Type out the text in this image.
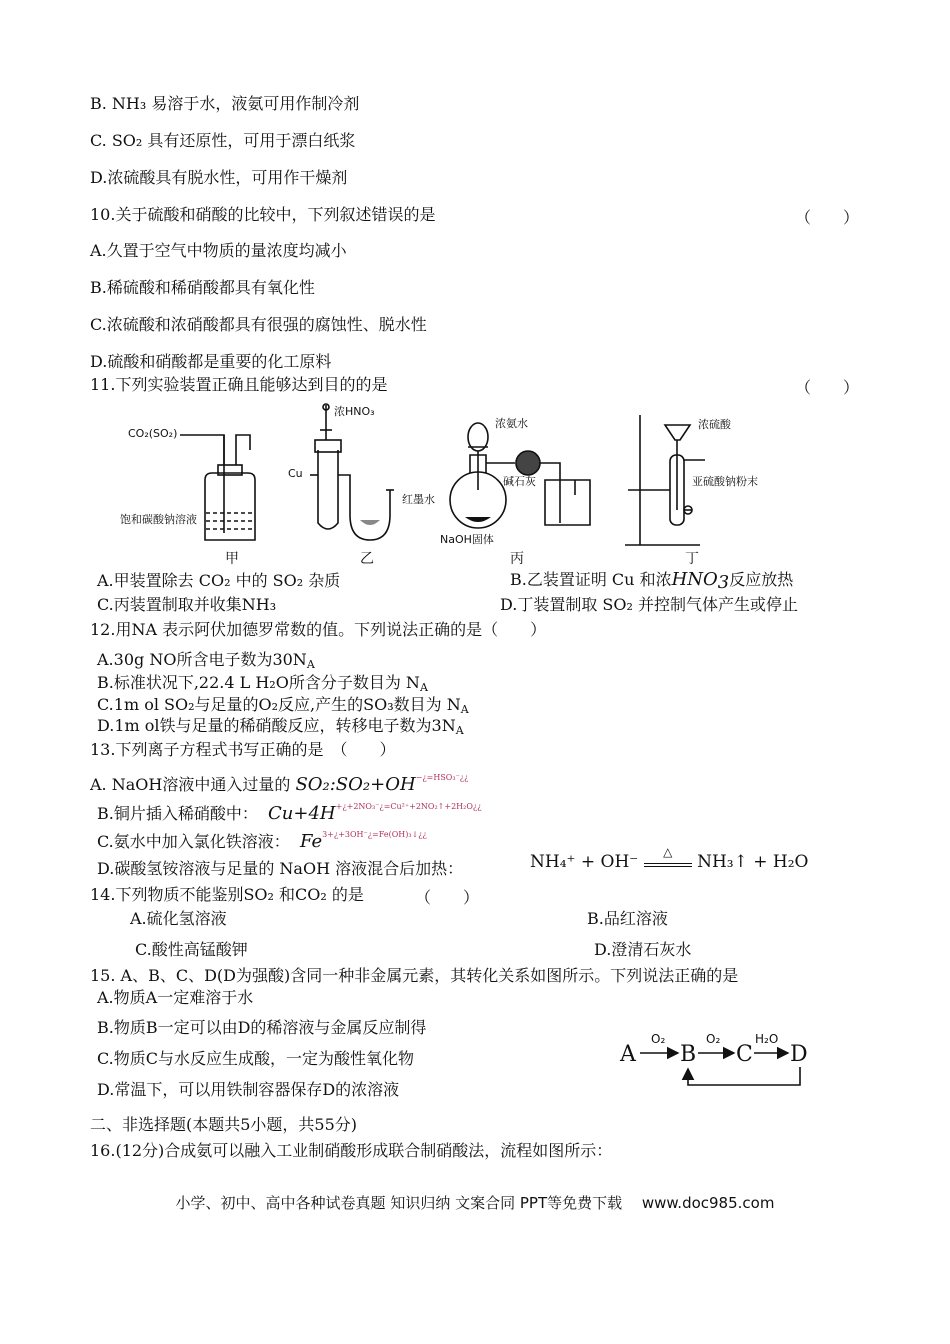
B. NH₃ 易溶于水，液氨可用作制冷剂
C. SO₂ 具有还原性，可用于漂白纸浆
D.浓硫酸具有脱水性，可用作干燥剂
10.关于硫酸和硝酸的比较中，下列叙述错误的是	（　　）
A.久置于空气中物质的量浓度均减小
B.稀硫酸和稀硝酸都具有氧化性
C.浓硫酸和浓硝酸都具有很强的腐蚀性、脱水性
D.硫酸和硝酸都是重要的化工原料
11.下列实验装置正确且能够达到目的的是	（　　）
CO₂(SO₂)
饱和碳酸钠溶液
甲
浓HNO₃
Cu
红墨水
乙
浓氨水
碱石灰
NaOH固体
丙
浓硫酸
亚硫酸钠粉末
丁
A.甲装置除去 CO₂ 中的 SO₂ 杂质	B.乙装置证明 Cu 和浓$HNO_3$反应放热
C.丙装置制取并收集NH₃	D.丁装置制取 SO₂ 并控制气体产生或停止
12.用NA 表示阿伏加德罗常数的值。下列说法正确的是（　　）
A.30g NO所含电子数为$30N_A$
B.标准状况下,22.4 L H₂O所含分子数目为 $N_A$
C.1m ol SO₂与足量的O₂反应,产生的SO₃数目为 $N_A$
D.1m ol铁与足量的稀硝酸反应，转移电子数为$3N_A$
13.下列离子方程式书写正确的是　（　　）
A. NaOH溶液中通入过量的 $SO_2:SO_2+OH^{-¿=HSO_3^-¿¿}$
B.铜片插入稀硝酸中： $Cu+4H^{+¿+2NO_3^-¿=Cu^{2+}+2NO_2↑+2H_2O¿¿}$
C.氨水中加入氯化铁溶液： $Fe^{3+¿+3OH^-¿=Fe(OH)_3↓¿¿}$
D.碳酸氢铵溶液与足量的 NaOH 溶液混合后加热：	NH₄⁺ + OH⁻	△	NH₃↑ + H₂O
14.下列物质不能鉴别SO₂ 和CO₂ 的是	（　　）
A.硫化氢溶液	B.品红溶液
C.酸性高锰酸钾	D.澄清石灰水
15. A、B、C、D(D为强酸)含同一种非金属元素，其转化关系如图所示。下列说法正确的是
A.物质A一定难溶于水
B.物质B一定可以由D的稀溶液与金属反应制得
C.物质C与水反应生成酸，一定为酸性氧化物
D.常温下，可以用铁制容器保存D的浓溶液
A B C D
O₂	O₂	H₂O
二、非选择题(本题共5小题，共55分)
16.(12分)合成氨可以融入工业制硝酸形成联合制硝酸法，流程如图所示：
小学、初中、高中各种试卷真题 知识归纳 文案合同 PPT等免费下载　 www.doc985.com
